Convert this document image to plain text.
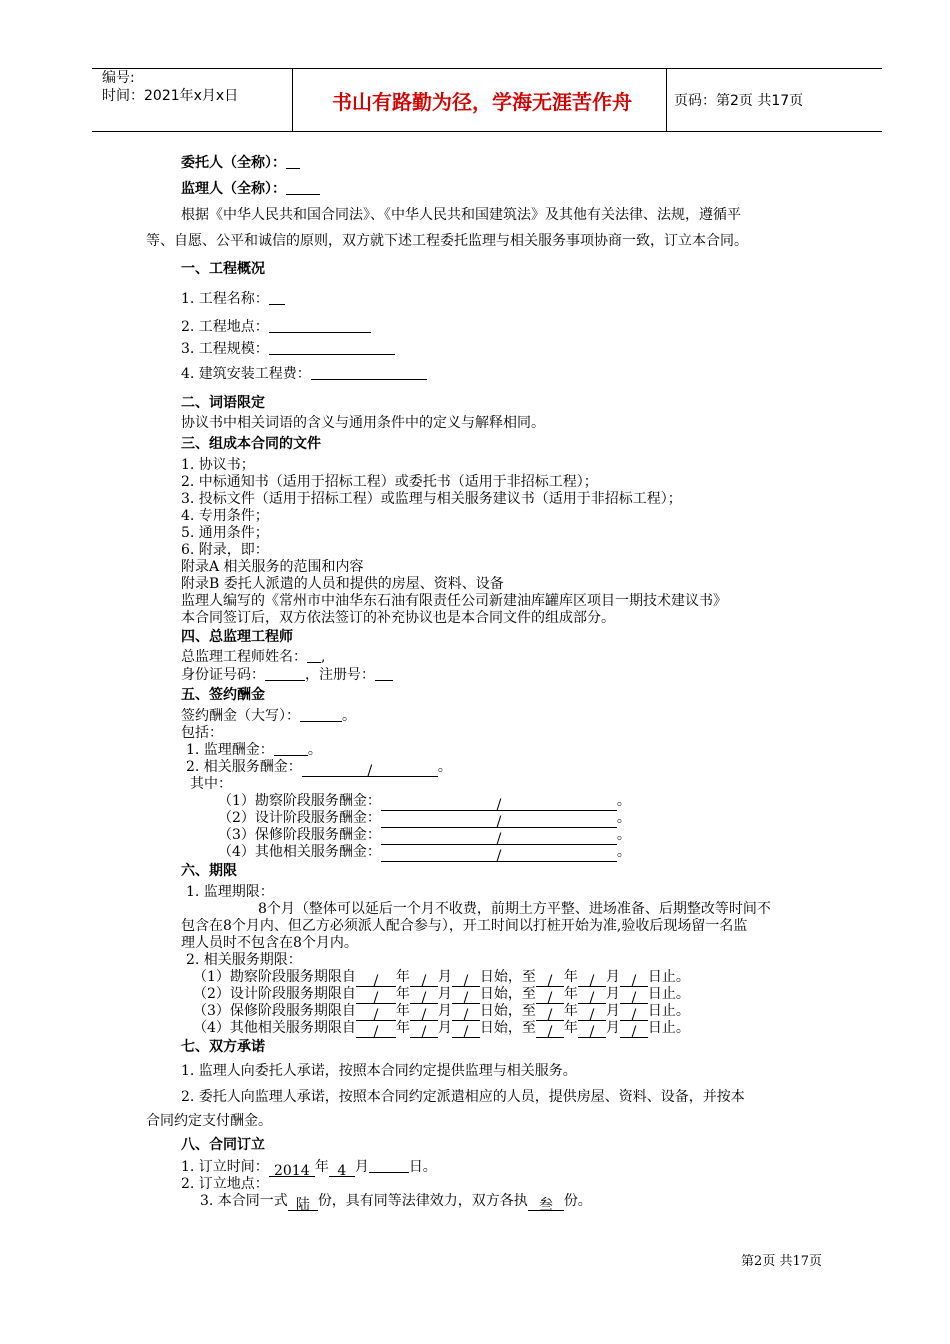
编号:
时间：2021年x月x日	书山有路勤为径，学海无涯苦作舟	页码：第2页 共17页
委托人（全称）：
监理人（全称）：
根据《中华人民共和国合同法》、《中华人民共和国建筑法》及其他有关法律、法规，遵循平
等、自愿、公平和诚信的原则，双方就下述工程委托监理与相关服务事项协商一致，订立本合同。
一、工程概况
1. 工程名称：
2. 工程地点：
3. 工程规模：
4. 建筑安装工程费：
二、词语限定
协议书中相关词语的含义与通用条件中的定义与解释相同。
三、组成本合同的文件
1. 协议书；
2. 中标通知书（适用于招标工程）或委托书（适用于非招标工程）；
3. 投标文件（适用于招标工程）或监理与相关服务建议书（适用于非招标工程）；
4. 专用条件；
5. 通用条件；
6. 附录，即：
附录A 相关服务的范围和内容
附录B 委托人派遣的人员和提供的房屋、资料、设备
监理人编写的《常州市中油华东石油有限责任公司新建油库罐库区项目一期技术建议书》
本合同签订后，双方依法签订的补充协议也是本合同文件的组成部分。
四、总监理工程师
总监理工程师姓名： ,
身份证号码：	，注册号：
五、签约酬金
签约酬金（大写）：	。
包括：
1. 监理酬金： 。
2. 相关服务酬金：	/	。
其中：
（1）勘察阶段服务酬金：	/	。
（2）设计阶段服务酬金：	/	。
（3）保修阶段服务酬金：	/	。
（4）其他相关服务酬金：	/	。
六、期限
1. 监理期限：
8个月（整体可以延后一个月不收费，前期土方平整、进场准备、后期整改等时间不
包含在8个月内、但乙方必须派人配合参与），开工时间以打桩开始为准,验收后现场留一名监
理人员时不包含在8个月内。
2. 相关服务期限：
（1）勘察阶段服务期限自 / 年 / 月 / 日始，至 / 年 / 月 / 日止。
（2）设计阶段服务期限自 / 年 / 月 / 日始，至 / 年 / 月 / 日止。
（3）保修阶段服务期限自 / 年 / 月 / 日始，至 / 年 / 月 / 日止。
（4）其他相关服务期限自 / 年 / 月 / 日始，至 / 年 / 月 / 日止。
七、双方承诺
1. 监理人向委托人承诺，按照本合同约定提供监理与相关服务。
2. 委托人向监理人承诺，按照本合同约定派遣相应的人员，提供房屋、资料、设备，并按本
合同约定支付酬金。
八、合同订立
1. 订立时间： 2014 年 4 月	日。
2. 订立地点：
3. 本合同一式 陆 份，具有同等法律效力，双方各执 叁 份。
第2页 共17页
